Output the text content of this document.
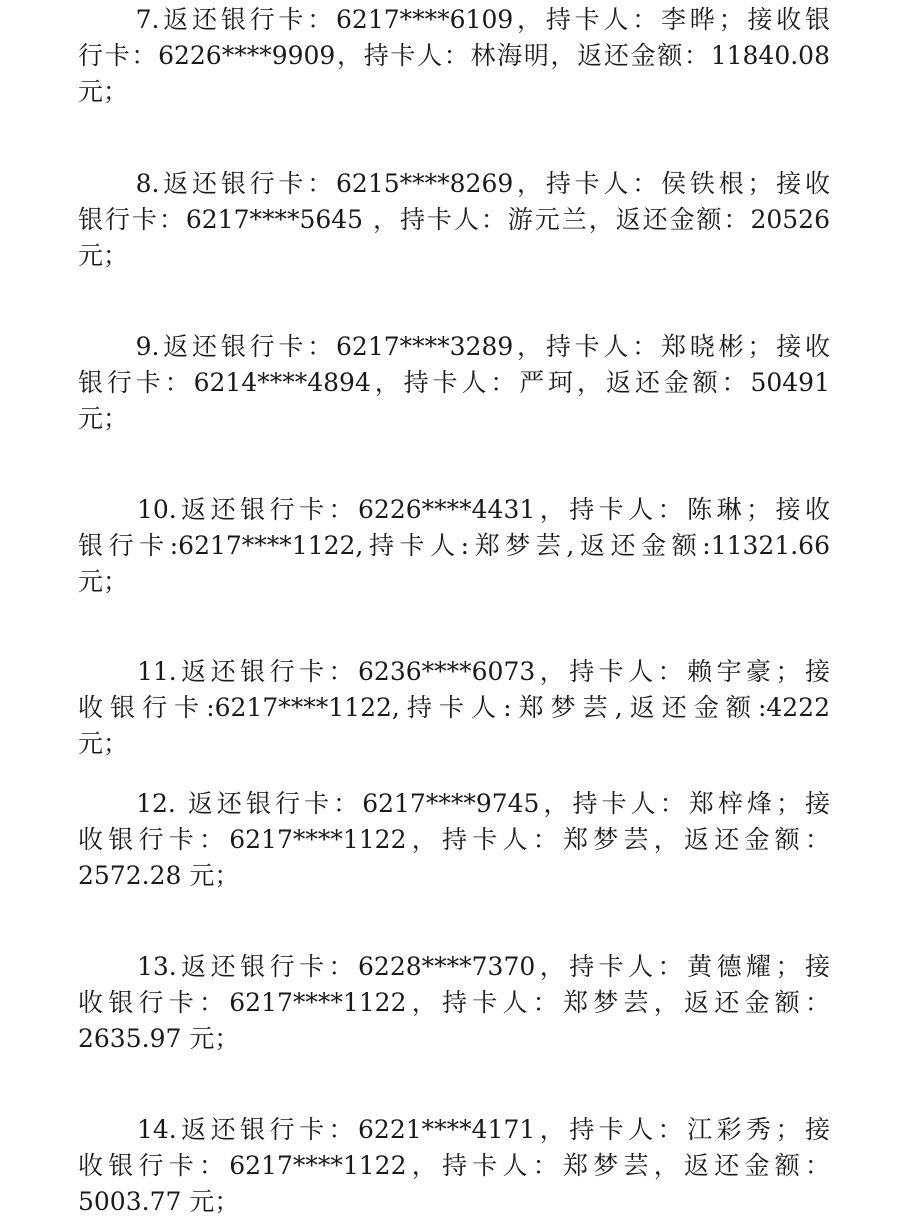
　　7.返还银行卡：6217****6109，持卡人：李晔；接收银
行卡：6226****9909，持卡人：林海明，返还金额：11840.08
元；
　　8.返还银行卡：6215****8269，持卡人：侯铁根；接收
银行卡：6217****5645 ，持卡人：游元兰，返还金额：20526
元；
　　9.返还银行卡：6217****3289，持卡人：郑晓彬；接收
银行卡：6214****4894，持卡人：严珂，返还金额：50491
元；
　　10.返还银行卡：6226****4431，持卡人：陈琳；接收
银行卡:6217****1122,持卡人:郑梦芸,返还金额:11321.66
元；
　　11.返还银行卡：6236****6073，持卡人：赖宇豪；接
收银行卡:6217****1122,持卡人:郑梦芸,返还金额:4222
元；
　　12. 返还银行卡：6217****9745，持卡人：郑梓烽；接
收银行卡：6217****1122，持卡人：郑梦芸，返还金额：
2572.28 元；
　　13.返还银行卡：6228****7370，持卡人：黄德耀；接
收银行卡：6217****1122，持卡人：郑梦芸，返还金额：
2635.97 元；
　　14.返还银行卡：6221****4171，持卡人：江彩秀；接
收银行卡：6217****1122，持卡人：郑梦芸，返还金额：
5003.77 元；
